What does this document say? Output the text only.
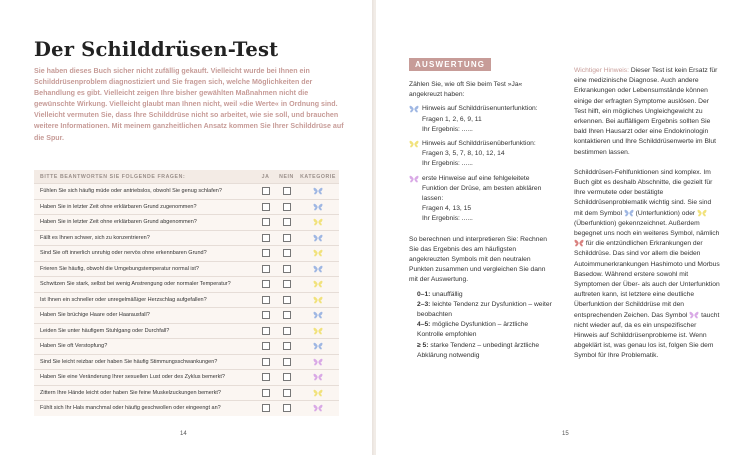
Der Schilddrüsen-Test

Sie haben dieses Buch sicher nicht zufällig gekauft. Vielleicht wurde bei Ihnen ein Schilddrüsenproblem diagnostiziert und Sie fragen sich, welche Möglichkeiten der Behandlung es gibt. Vielleicht zeigen Ihre bisher gewählten Maßnahmen nicht die gewünschte Wirkung. Vielleicht glaubt man Ihnen nicht, weil »die Werte« in Ordnung sind. Vielleicht vermuten Sie, dass Ihre Schilddrüse nicht so arbeitet, wie sie soll, und brauchen weitere Informationen. Mit meinem ganzheitlichen Ansatz kommen Sie Ihrer Schilddrüse auf die Spur.

BITTE BEANTWORTEN SIE FOLGENDE FRAGEN:	JA	NEIN	KATEGORIE
Fühlen Sie sich häufig müde oder antriebslos, obwohl Sie genug schlafen?
Haben Sie in letzter Zeit ohne erklärbaren Grund zugenommen?
Haben Sie in letzter Zeit ohne erklärbaren Grund abgenommen?
Fällt es Ihnen schwer, sich zu konzentrieren?
Sind Sie oft innerlich unruhig oder nervös ohne erkennbaren Grund?
Frieren Sie häufig, obwohl die Umgebungstemperatur normal ist?
Schwitzen Sie stark, selbst bei wenig Anstrengung oder normaler Temperatur?
Ist Ihnen ein schneller oder unregelmäßiger Herzschlag aufgefallen?
Haben Sie brüchige Haare oder Haarausfall?
Leiden Sie unter häufigem Stuhlgang oder Durchfall?
Haben Sie oft Verstopfung?
Sind Sie leicht reizbar oder haben Sie häufig Stimmungsschwankungen?
Haben Sie eine Veränderung Ihrer sexuellen Lust oder des Zyklus bemerkt?
Zittern Ihre Hände leicht oder haben Sie feine Muskelzuckungen bemerkt?
Fühlt sich Ihr Hals manchmal oder häufig geschwollen oder eingeengt an?
14
AUSWERTUNG

Zählen Sie, wie oft Sie beim Test »Ja« angekreuzt haben:

Hinweis auf Schilddrüsenunterfunktion:
Fragen 1, 2, 6, 9, 11
Ihr Ergebnis: ......
Hinweis auf Schilddrüsenüberfunktion:
Fragen 3, 5, 7, 8, 10, 12, 14
Ihr Ergebnis: ......
erste Hinweise auf eine fehlgeleitete Funktion der Drüse, am besten abklären lassen:
Fragen 4, 13, 15
Ihr Ergebnis: ......

So berechnen und interpretieren Sie: Rechnen Sie das Ergebnis des am häufigsten angekreuzten Symbols mit den neutralen Punkten zusammen und vergleichen Sie dann mit der Auswertung.

0–1: unauffällig
2–3: leichte Tendenz zur Dysfunktion – weiter beobachten
4–5: mögliche Dysfunktion – ärztliche Kontrolle empfohlen
≥ 5: starke Tendenz – unbedingt ärztliche Abklärung notwendig

Wichtiger Hinweis: Dieser Test ist kein Ersatz für eine medizinische Diagnose. Auch andere Erkrankungen oder Lebensumstände können einige der erfragten Symptome auslösen. Der Test hilft, ein mögliches Ungleichgewicht zu erkennen. Bei auffälligem Ergebnis sollten Sie bald Ihren Hausarzt oder eine Endokrinologin kontaktieren und Ihre Schilddrüsenwerte im Blut bestimmen lassen.

Schilddrüsen-Fehlfunktionen sind komplex. Im Buch gibt es deshalb Abschnitte, die gezielt für Ihre vermutete oder bestätigte Schilddrüsenproblematik wichtig sind. Sie sind mit dem Symbol (Unterfunktion) oder  (Überfunktion) gekennzeichnet. Außerdem begegnet uns noch ein weiteres Symbol, nämlich  für die entzündlichen Erkrankungen der Schilddrüse. Das sind vor allem die beiden Autoimmunerkrankungen Hashimoto und Morbus Basedow. Während erstere sowohl mit Symptomen der Über- als auch der Unterfunktion auftreten kann, ist letztere eine deutliche Überfunktion der Schilddrüse mit den entsprechenden Zeichen. Das Symbol taucht nicht wieder auf, da es ein unspezifischer Hinweis auf Schilddrüsenprobleme ist. Wenn abgeklärt ist, was genau los ist, folgen Sie dem Symbol für Ihre Problematik.

15
